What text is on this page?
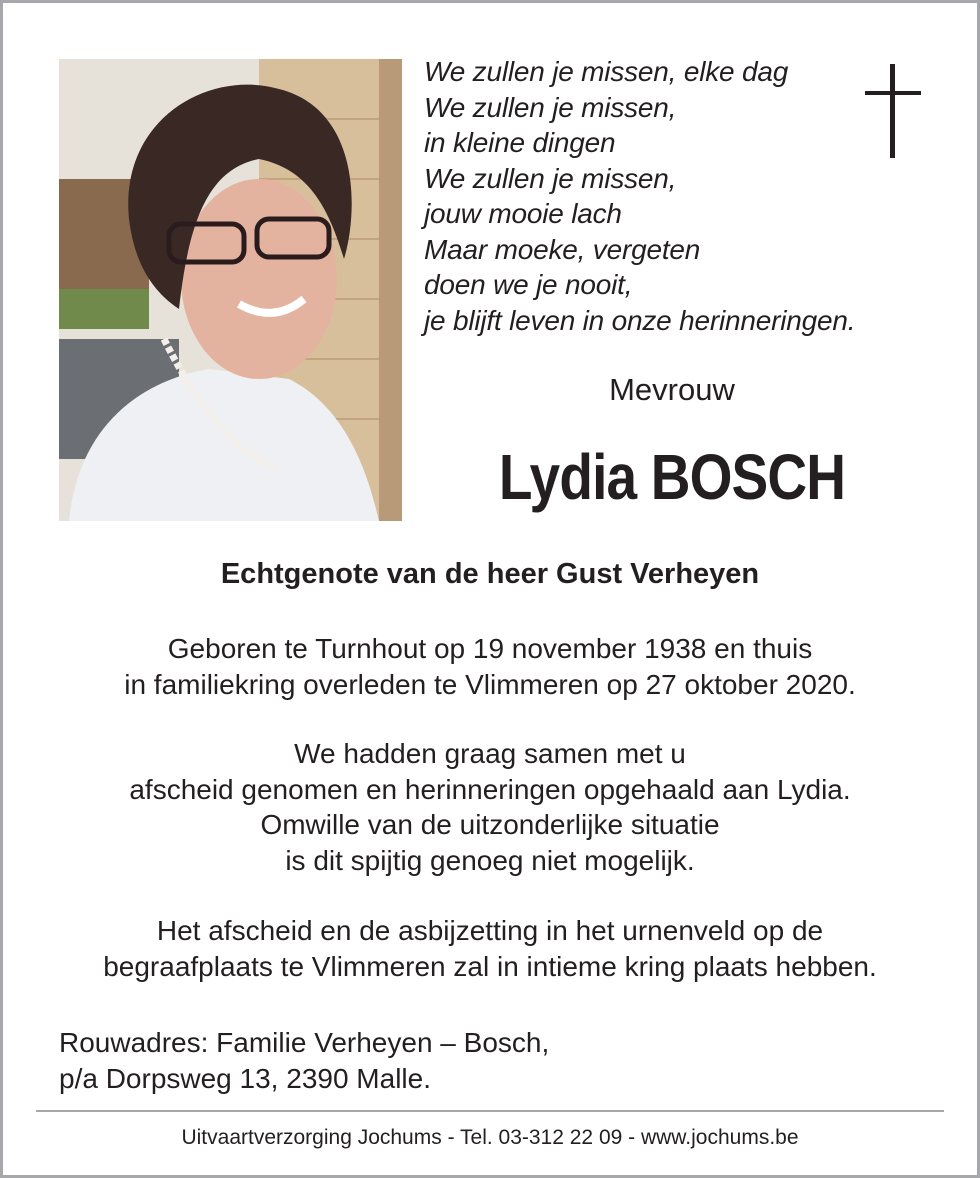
We zullen je missen, elke dag
We zullen je missen,
in kleine dingen
We zullen je missen,
jouw mooie lach
Maar moeke, vergeten
doen we je nooit,
je blijft leven in onze herinneringen.
Mevrouw
Lydia BOSCH
Echtgenote van de heer Gust Verheyen
Geboren te Turnhout op 19 november 1938 en thuis
in familiekring overleden te Vlimmeren op 27 oktober 2020.
We hadden graag samen met u
afscheid genomen en herinneringen opgehaald aan Lydia.
Omwille van de uitzonderlijke situatie
is dit spijtig genoeg niet mogelijk.
Het afscheid en de asbijzetting in het urnenveld op de
begraafplaats te Vlimmeren zal in intieme kring plaats hebben.
Rouwadres: Familie Verheyen – Bosch,
p/a Dorpsweg 13, 2390 Malle.
Uitvaartverzorging Jochums - Tel. 03-312 22 09 - www.jochums.be
